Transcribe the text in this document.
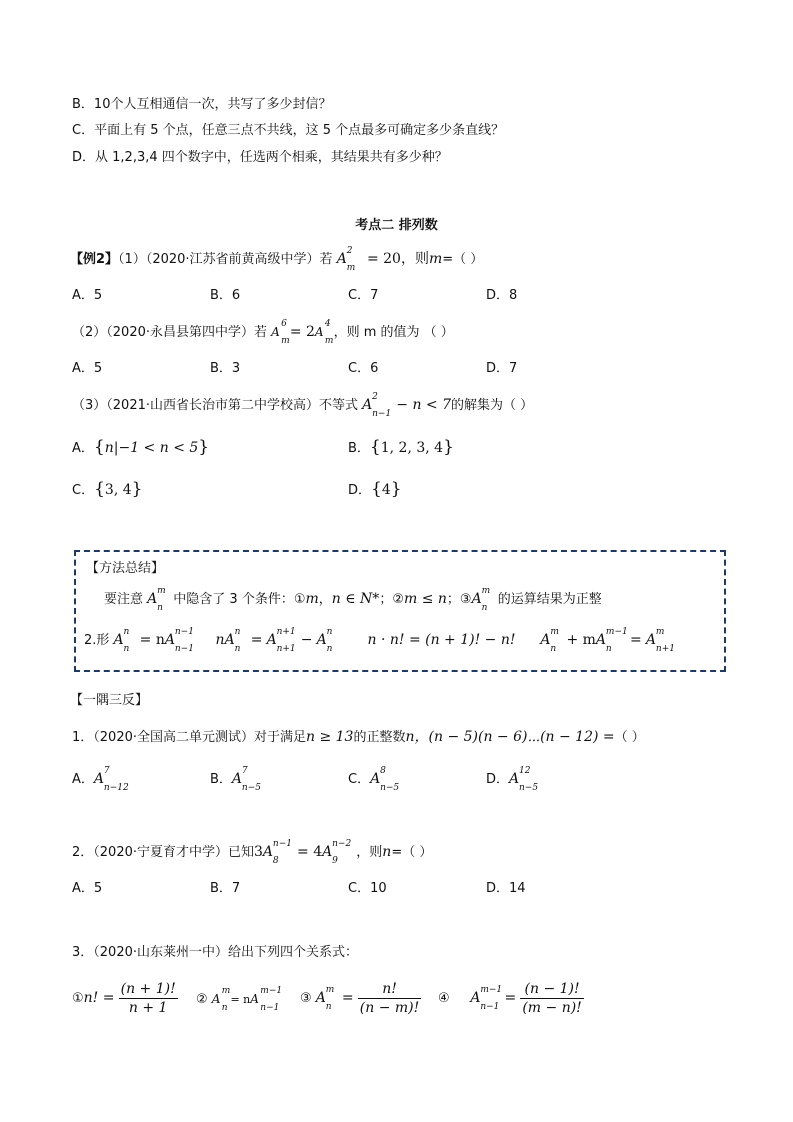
B．10个人互相通信一次，共写了多少封信？
C．平面上有 5 个点，任意三点不共线，这 5 个点最多可确定多少条直线？
D．从 1,2,3,4 四个数字中，任选两个相乘，其结果共有多少种？
考点二 排列数
【例2】（1）（2020·江苏省前黄高级中学）若 A 2
m
= 20，则m=（ ）
A．5	B．6	C．7	D．8
（2）（2020·永昌县第四中学）若 A
6
m
= 2A
4
m
，则 m 的值为 （ ）
A．5	B．3	C．6	D．7
（3）（2021·山西省长治市第二中学校高）不等式 A 2
n−1
− n < 7的解集为（ ）
A．{n|−1 < n < 5}	B．{1, 2, 3, 4}
C．{3, 4}	D．{4}
【方法总结】
要注意 A m
n
中隐含了 3 个条件：①m，n ∈ N*；②m ≤ n；③A m
n
的运算结果为正整
2.形 A n
n
= nA n−1
n−1
nA n
n
= A n+1
n+1
− A n
n
n · n! = (n + 1)! − n! A m
n
+ mA m−1
n
= A m
n+1
【一隅三反】
1．（2020·全国高二单元测试）对于满足n ≥ 13的正整数n，(n − 5)(n − 6)⋯(n − 12) =（ ）
A．A 7
n−12
B．A 7
n−5
C．A 8
n−5
D．A 12
n−5
2．（2020·宁夏育才中学）已知3A n−1
8
= 4A n−2
9
，则n=（ ）
A．5	B．7	C．10	D．14
3．（2020·山东莱州一中）给出下列四个关系式：
①n! = $\frac{(n + 1)!}{n + 1}$ ② A
m
n
= nA
m−1
n−1
③ A m
n
= $\frac{n!}{(n - m)!}$ ④ A m−1
n−1
= $\frac{(n - 1)!}{(m - n)!}$
